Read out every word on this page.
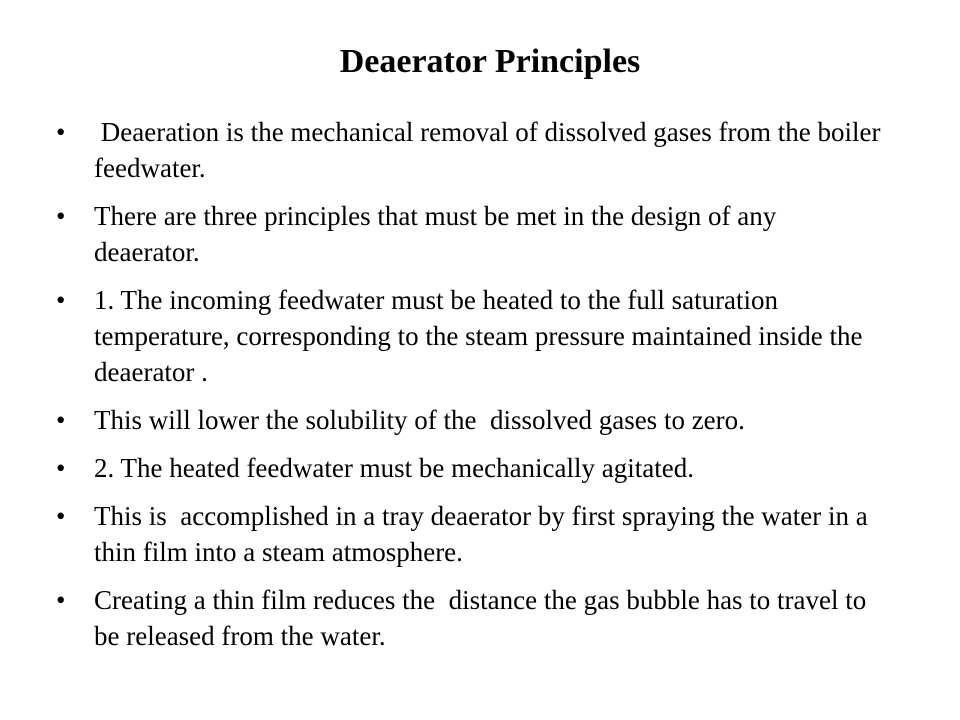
Deaerator Principles
• Deaeration is the mechanical removal of dissolved gases from the boiler feedwater.
• There are three principles that must be met in the design of any deaerator.
• 1. The incoming feedwater must be heated to the full saturation temperature, corresponding to the steam pressure maintained inside the deaerator .
• This will lower the solubility of the  dissolved gases to zero.
• 2. The heated feedwater must be mechanically agitated.
• This is  accomplished in a tray deaerator by first spraying the water in a thin film into a steam atmosphere.
• Creating a thin film reduces the  distance the gas bubble has to travel to be released from the water.
